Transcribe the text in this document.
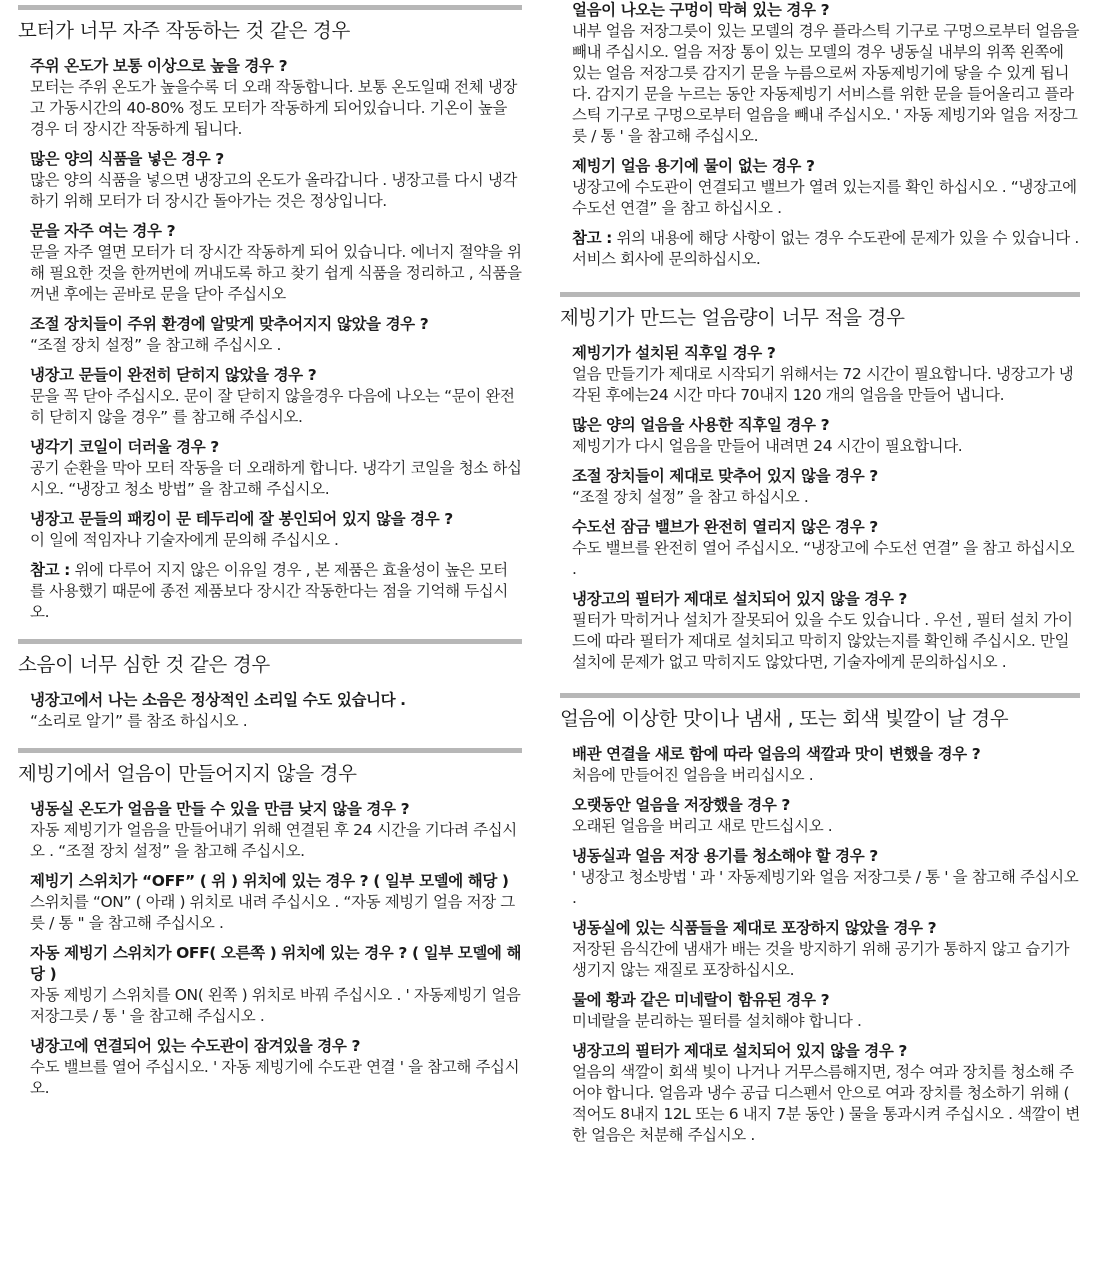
모터가 너무 자주 작동하는 것 같은 경우
주위 온도가 보통 이상으로 높을 경우 ?
모터는 주위 온도가 높을수록 더 오래 작동합니다. 보통 온도일때 전체 냉장고 가동시간의 40-80% 정도 모터가 작동하게 되어있습니다. 기온이 높을 경우 더 장시간 작동하게 됩니다.
많은 양의 식품을 넣은 경우 ?
많은 양의 식품을 넣으면 냉장고의 온도가 올라갑니다 . 냉장고를 다시 냉각하기 위해 모터가 더 장시간 돌아가는 것은 정상입니다.
문을 자주 여는 경우 ?
문을 자주 열면 모터가 더 장시간 작동하게 되어 있습니다. 에너지 절약을 위해 필요한 것을 한꺼번에 꺼내도록 하고 찾기 쉽게 식품을 정리하고 , 식품을 꺼낸 후에는 곧바로 문을 닫아 주십시오
조절 장치들이 주위 환경에 알맞게 맞추어지지 않았을 경우 ?
“조절 장치 설정” 을 참고해 주십시오 .
냉장고 문들이 완전히 닫히지 않았을 경우 ?
문을 꼭 닫아 주십시오. 문이 잘 닫히지 않을경우 다음에 나오는 “문이 완전히 닫히지 않을 경우” 를 참고해 주십시오.
냉각기 코일이 더러울 경우 ?
공기 순환을 막아 모터 작동을 더 오래하게 합니다. 냉각기 코일을 청소 하십시오. “냉장고 청소 방법” 을 참고해 주십시오.
냉장고 문들의 패킹이 문 테두리에 잘 봉인되어 있지 않을 경우 ?
이 일에 적임자나 기술자에게 문의해 주십시오 .
참고 : 위에 다루어 지지 않은 이유일 경우 , 본 제품은 효율성이 높은 모터를 사용했기 때문에 종전 제품보다 장시간 작동한다는 점을 기억해 두십시오.
소음이 너무 심한 것 같은 경우
냉장고에서 나는 소음은 정상적인 소리일 수도 있습니다 .
“소리로 알기” 를 참조 하십시오 .
제빙기에서 얼음이 만들어지지 않을 경우
냉동실 온도가 얼음을 만들 수 있을 만큼 낮지 않을 경우 ?
자동 제빙기가 얼음을 만들어내기 위해 연결된 후 24 시간을 기다려 주십시오 . “조절 장치 설정” 을 참고해 주십시오.
제빙기 스위치가 “OFF” ( 위 ) 위치에 있는 경우 ? ( 일부 모델에 해당 )
스위치를 “ON” ( 아래 ) 위치로 내려 주십시오 . “자동 제빙기 얼음 저장 그릇 / 통 " 을 참고해 주십시오 .
자동 제빙기 스위치가 OFF( 오른쪽 ) 위치에 있는 경우 ? ( 일부 모델에 해당 )
자동 제빙기 스위치를 ON( 왼쪽 ) 위치로 바꿔 주십시오 . ' 자동제빙기 얼음 저장그릇 / 통 ' 을 참고해 주십시오 .
냉장고에 연결되어 있는 수도관이 잠겨있을 경우 ?
수도 밸브를 열어 주십시오. ' 자동 제빙기에 수도관 연결 ' 을 참고해 주십시오.
얼음이 나오는 구멍이 막혀 있는 경우 ?
내부 얼음 저장그릇이 있는 모델의 경우 플라스틱 기구로 구멍으로부터 얼음을 빼내 주십시오. 얼음 저장 통이 있는 모델의 경우 냉동실 내부의 위쪽 왼쪽에 있는 얼음 저장그릇 감지기 문을 누름으로써 자동제빙기에 닿을 수 있게 됩니다. 감지기 문을 누르는 동안 자동제빙기 서비스를 위한 문을 들어올리고 플라스틱 기구로 구멍으로부터 얼음을 빼내 주십시오. ' 자동 제빙기와 얼음 저장그릇 / 통 ' 을 참고해 주십시오.
제빙기 얼음 용기에 물이 없는 경우 ?
냉장고에 수도관이 연결되고 밸브가 열려 있는지를 확인 하십시오 . “냉장고에 수도선 연결” 을 참고 하십시오 .
참고 : 위의 내용에 해당 사항이 없는 경우 수도관에 문제가 있을 수 있습니다 . 서비스 회사에 문의하십시오.
제빙기가 만드는 얼음량이 너무 적을 경우
제빙기가 설치된 직후일 경우 ?
얼음 만들기가 제대로 시작되기 위해서는 72 시간이 필요합니다. 냉장고가 냉각된 후에는24 시간 마다 70내지 120 개의 얼음을 만들어 냅니다.
많은 양의 얼음을 사용한 직후일 경우 ?
제빙기가 다시 얼음을 만들어 내려면 24 시간이 필요합니다.
조절 장치들이 제대로 맞추어 있지 않을 경우 ?
“조절 장치 설정” 을 참고 하십시오 .
수도선 잠금 밸브가 완전히 열리지 않은 경우 ?
수도 밸브를 완전히 열어 주십시오. “냉장고에 수도선 연결” 을 참고 하십시오 .
냉장고의 필터가 제대로 설치되어 있지 않을 경우 ?
필터가 막히거나 설치가 잘못되어 있을 수도 있습니다 . 우선 , 필터 설치 가이드에 따라 필터가 제대로 설치되고 막히지 않았는지를 확인해 주십시오. 만일 설치에 문제가 없고 막히지도 않았다면, 기술자에게 문의하십시오 .
얼음에 이상한 맛이나 냄새 , 또는 회색 빛깔이 날 경우
배관 연결을 새로 함에 따라 얼음의 색깔과 맛이 변했을 경우 ?
처음에 만들어진 얼음을 버리십시오 .
오랫동안 얼음을 저장했을 경우 ?
오래된 얼음을 버리고 새로 만드십시오 .
냉동실과 얼음 저장 용기를 청소해야 할 경우 ?
' 냉장고 청소방법 ' 과 ' 자동제빙기와 얼음 저장그릇 / 통 ' 을 참고해 주십시오 .
냉동실에 있는 식품들을 제대로 포장하지 않았을 경우 ?
저장된 음식간에 냄새가 배는 것을 방지하기 위해 공기가 통하지 않고 습기가 생기지 않는 재질로 포장하십시오.
물에 황과 같은 미네랄이 함유된 경우 ?
미네랄을 분리하는 필터를 설치해야 합니다 .
냉장고의 필터가 제대로 설치되어 있지 않을 경우 ?
얼음의 색깔이 회색 빛이 나거나 거무스름해지면, 정수 여과 장치를 청소해 주어야 합니다. 얼음과 냉수 공급 디스펜서 안으로 여과 장치를 청소하기 위해 ( 적어도 8내지 12L 또는 6 내지 7분 동안 ) 물을 통과시켜 주십시오 . 색깔이 변한 얼음은 처분해 주십시오 .
